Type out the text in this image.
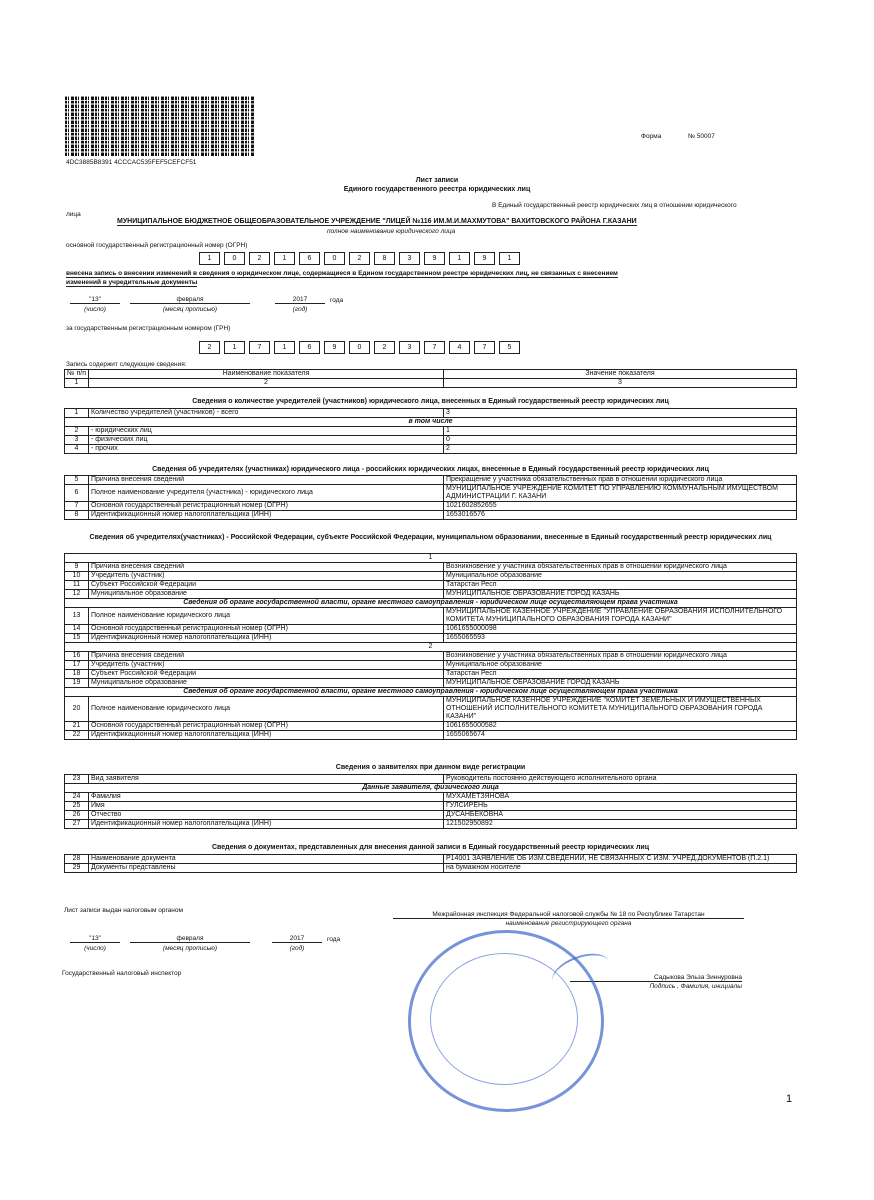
4DC3885B8391 4CCCAC535FEF5CEFCF51
Форма	№ 50007
Лист записи
Единого государственного реестра юридических лиц
В Единый государственный реестр юридических лиц в отношении юридического
лица
МУНИЦИПАЛЬНОЕ БЮДЖЕТНОЕ ОБЩЕОБРАЗОВАТЕЛЬНОЕ УЧРЕЖДЕНИЕ "ЛИЦЕЙ №116 ИМ.М.И.МАХМУТОВА" ВАХИТОВСКОГО РАЙОНА Г.КАЗАНИ
полное наименование юридического лица
основной государственный регистрационный номер (ОГРН)
1	0	2	1	6	0	2	8	3	9	1	9	1
внесена запись о внесении изменений в сведения о юридическом лице, содержащиеся в Едином государственном реестре юридических лиц, не связанных с внесением
изменений в учредительные документы
"13"	февраля	2017	года
(число)	(месяц прописью)	(год)
за государственным регистрационным номером (ГРН)
2	1	7	1	6	9	0	2	3	7	4	7	5
Запись содержит следующие сведения:
№ п/п	Наименование показателя	Значение показателя
1	2	3
Сведения о количестве учредителей (участников) юридического лица, внесенных в Единый государственный реестр юридических лиц
1	Количество учредителей (участников) - всего	3
в том числе		
2	- юридических лиц	1
3	- физических лиц	0
4	- прочих	2
Сведения об учредителях (участниках) юридического лица - российских юридических лицах, внесенные в Единый государственный реестр юридических лиц
5	Причина внесения сведений	Прекращение у участника обязательственных прав в отношении юридического лица
6	Полное наименование учредителя (участника) - юридического лица	МУНИЦИПАЛЬНОЕ УЧРЕЖДЕНИЕ КОМИТЕТ ПО УПРАВЛЕНИЮ КОММУНАЛЬНЫМ ИМУЩЕСТВОМ АДМИНИСТРАЦИИ Г. КАЗАНИ
7	Основной государственный регистрационный номер (ОГРН)	1021602852655
8	Идентификационный номер налогоплательщика (ИНН)	1653016576
Сведения об учредителях(участниках) - Российской Федерации, субъекте Российской Федерации, муниципальном образовании, внесенные в Единый государственный реестр юридических лиц
1		
9	Причина внесения сведений	Возникновение у участника обязательственных прав в отношении юридического лица
10	Учредитель (участник)	Муниципальное образование
11	Субъект Российской Федерации	Татарстан Респ
12	Муниципальное образование	МУНИЦИПАЛЬНОЕ ОБРАЗОВАНИЕ ГОРОД КАЗАНЬ
Сведения об органе государственной власти, органе местного самоуправления - юридическом лице осуществляющем права участника		
13	Полное наименование юридического лица	МУНИЦИПАЛЬНОЕ КАЗЕННОЕ УЧРЕЖДЕНИЕ "УПРАВЛЕНИЕ ОБРАЗОВАНИЯ ИСПОЛНИТЕЛЬНОГО КОМИТЕТА МУНИЦИПАЛЬНОГО ОБРАЗОВАНИЯ ГОРОДА КАЗАНИ"
14	Основной государственный регистрационный номер (ОГРН)	1061655000098
15	Идентификационный номер налогоплательщика (ИНН)	1655065593
2		
16	Причина внесения сведений	Возникновение у участника обязательственных прав в отношении юридического лица
17	Учредитель (участник)	Муниципальное образование
18	Субъект Российской Федерации	Татарстан Респ
19	Муниципальное образование	МУНИЦИПАЛЬНОЕ ОБРАЗОВАНИЕ ГОРОД КАЗАНЬ
Сведения об органе государственной власти, органе местного самоуправления - юридическом лице осуществляющем права участника		
20	Полное наименование юридического лица	МУНИЦИПАЛЬНОЕ КАЗЕННОЕ УЧРЕЖДЕНИЕ "КОМИТЕТ ЗЕМЕЛЬНЫХ И ИМУЩЕСТВЕННЫХ ОТНОШЕНИЙ ИСПОЛНИТЕЛЬНОГО КОМИТЕТА МУНИЦИПАЛЬНОГО ОБРАЗОВАНИЯ ГОРОДА КАЗАНИ"
21	Основной государственный регистрационный номер (ОГРН)	1061655000582
22	Идентификационный номер налогоплательщика (ИНН)	1655065674
Сведения о заявителях при данном виде регистрации
23	Вид заявителя	Руководитель постоянно действующего исполнительного органа
Данные заявителя, физического лица		
24	Фамилия	МУХАМЕТЗЯНОВА
25	Имя	ГУЛСИРЕНЬ
26	Отчество	ДУСАНБЕКОВНА
27	Идентификационный номер налогоплательщика (ИНН)	121502950892
Сведения о документах, представленных для внесения данной записи в Единый государственный реестр юридических лиц
28	Наименование документа	Р14001 ЗАЯВЛЕНИЕ ОБ ИЗМ.СВЕДЕНИЙ, НЕ СВЯЗАННЫХ С ИЗМ. УЧРЕД.ДОКУМЕНТОВ (П.2.1)
29	Документы представлены	на бумажном носителе
Лист записи выдан налоговым органом
Межрайонная инспекция Федеральной налоговой службы № 18 по Республике Татарстан
наименование регистрирующего органа
"13"	февраля	2017	года
(число)	(месяц прописью)	(год)
Государственный налоговый инспектор
Садыкова Эльза Зиннуровна
Подпись , Фамилия, инициалы
1
